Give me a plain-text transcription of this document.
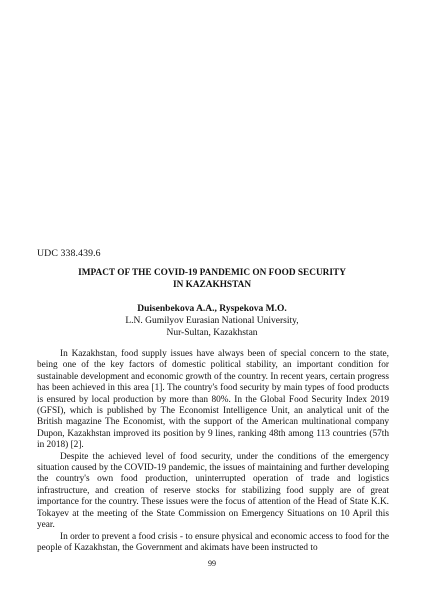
UDC 338.439.6
IMPACT OF THE COVID-19 PANDEMIC ON FOOD SECURITY
IN KAZAKHSTAN
Duisenbekova A.A., Ryspekova M.O.
L.N. Gumilyov Eurasian National University,
Nur-Sultan, Kazakhstan

In Kazakhstan, food supply issues have always been of special concern to the state, being one of the key factors of domestic political stability, an important condition for sustainable development and economic growth of the country. In recent years, certain progress has been achieved in this area [1]. The country's food security by main types of food products is ensured by local production by more than 80%. In the Global Food Security Index 2019 (GFSI), which is published by The Economist Intelligence Unit, an analytical unit of the British magazine The Economist, with the support of the American multinational company Dupon, Kazakhstan improved its position by 9 lines, ranking 48th among 113 countries (57th in 2018) [2].

Despite the achieved level of food security, under the conditions of the emergency situation caused by the COVID-19 pandemic, the issues of maintaining and further developing the country's own food production, uninterrupted operation of trade and logistics infrastructure, and creation of reserve stocks for stabilizing food supply are of great importance for the country. These issues were the focus of attention of the Head of State K.K. Tokayev at the meeting of the State Commission on Emergency Situations on 10 April this year.

In order to prevent a food crisis - to ensure physical and economic access to food for the people of Kazakhstan, the Government and akimats have been instructed to

99
